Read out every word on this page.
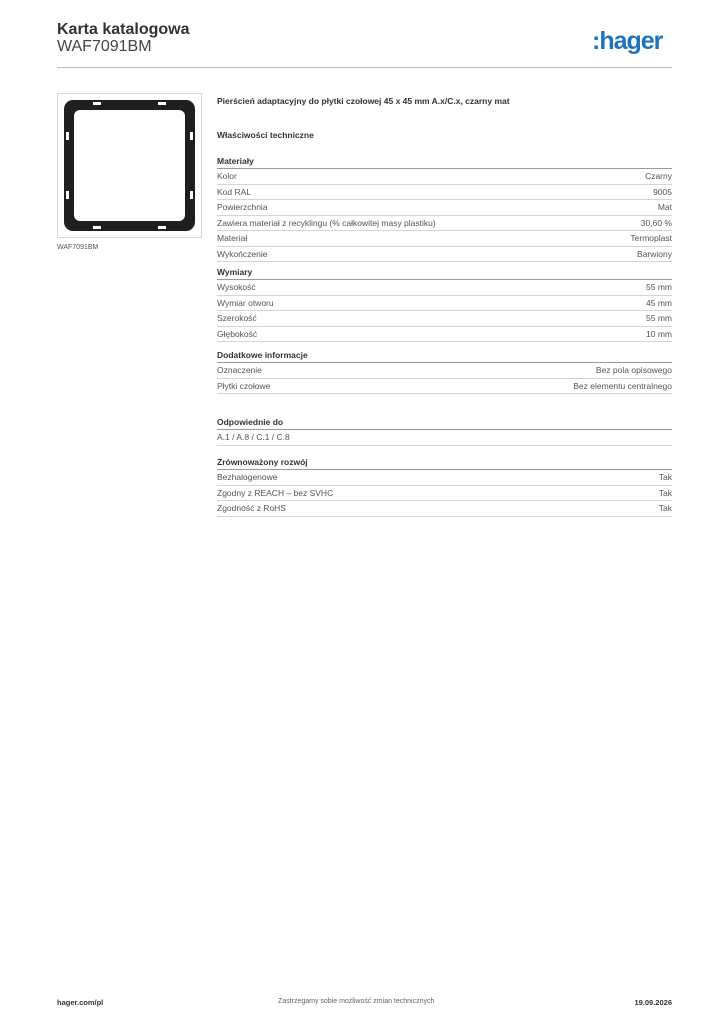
Karta katalogowa
WAF7091BM	:hager
WAF7091BM
Pierścień adaptacyjny do płytki czołowej 45 x 45 mm A.x/C.x, czarny mat
Właściwości techniczne
Materiały
Kolor	Czarny
Kod RAL	9005
Powierzchnia	Mat
Zawiera materiał z recyklingu (% całkowitej masy plastiku)	30,60 %
Materiał	Termoplast
Wykończenie	Barwiony
Wymiary
Wysokość	55 mm
Wymiar otworu	45 mm
Szerokość	55 mm
Głębokość	10 mm
Dodatkowe informacje
Oznaczenie	Bez pola opisowego
Płytki czołowe	Bez elementu centralnego
Odpowiednie do
A.1 / A.8 / C.1 / C.8
Zrównoważony rozwój
Bezhalogenowe	Tak
Zgodny z REACH – bez SVHC	Tak
Zgodność z RoHS	Tak
hager.com/pl	Zastrzegamy sobie możliwość zmian technicznych	19.09.2026
